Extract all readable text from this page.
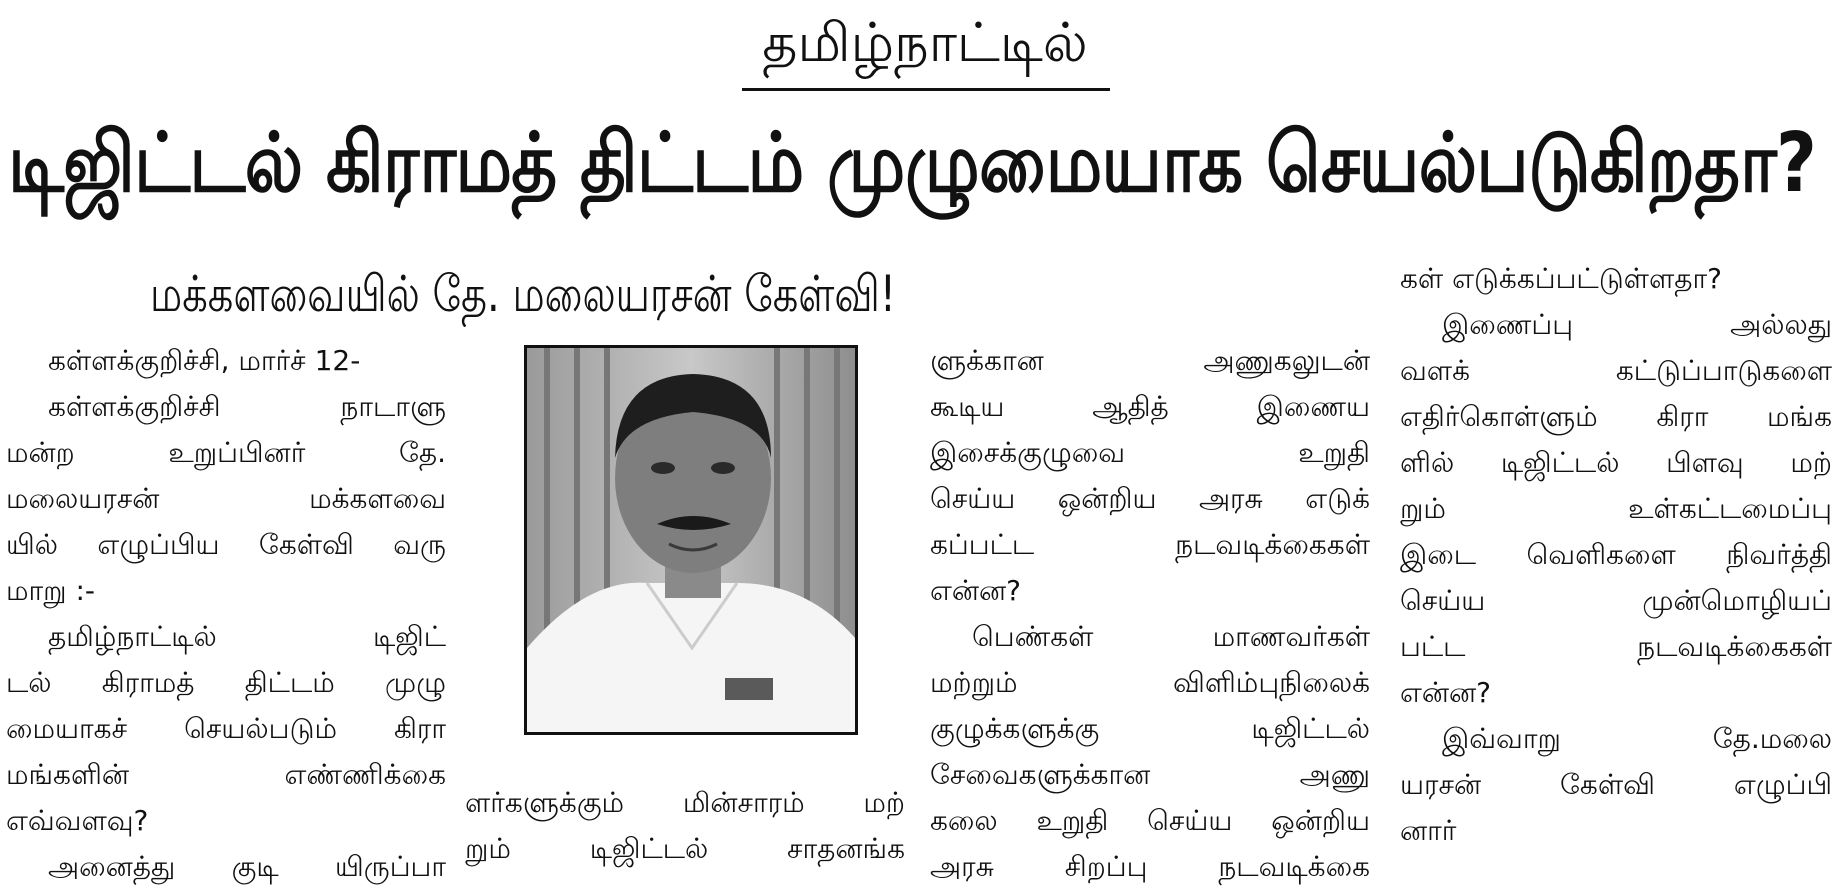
தமிழ்நாட்டில்
டிஜிட்டல் கிராமத் திட்டம் முழுமையாக செயல்படுகிறதா?
மக்களவையில் தே. மலையரசன் கேள்வி!

கள்ளக்குறிச்சி, மார்ச் 12-

கள்ளக்குறிச்சி நாடாளு

மன்ற உறுப்பினர் தே.

மலையரசன் மக்களவை

யில் எழுப்பிய கேள்வி வரு

மாறு :-

தமிழ்நாட்டில் டிஜிட்

டல் கிராமத் திட்டம் முழு

மையாகச் செயல்படும் கிரா

மங்களின் எண்ணிக்கை

எவ்வளவு?

அனைத்து குடி யிருப்பா

ளர்களுக்கும் மின்சாரம் மற்

றும் டிஜிட்டல் சாதனங்க

ளுக்கான அணுகலுடன்

கூடிய ஆதித் இணைய

இசைக்குழுவை உறுதி

செய்ய ஒன்றிய அரசு எடுக்

கப்பட்ட நடவடிக்கைகள்

என்ன?

பெண்கள் மாணவர்கள்

மற்றும் விளிம்புநிலைக்

குழுக்களுக்கு டிஜிட்டல்

சேவைகளுக்கான அணு

கலை உறுதி செய்ய ஒன்றிய

அரசு சிறப்பு நடவடிக்கை

கள் எடுக்கப்பட்டுள்ளதா?

இணைப்பு அல்லது

வளக் கட்டுப்பாடுகளை

எதிர்கொள்ளும் கிரா மங்க

ளில் டிஜிட்டல் பிளவு மற்

றும் உள்கட்டமைப்பு

இடை வெளிகளை நிவர்த்தி

செய்ய முன்மொழியப்

பட்ட நடவடிக்கைகள்

என்ன?

இவ்வாறு தே.மலை

யரசன் கேள்வி எழுப்பி

னார்
